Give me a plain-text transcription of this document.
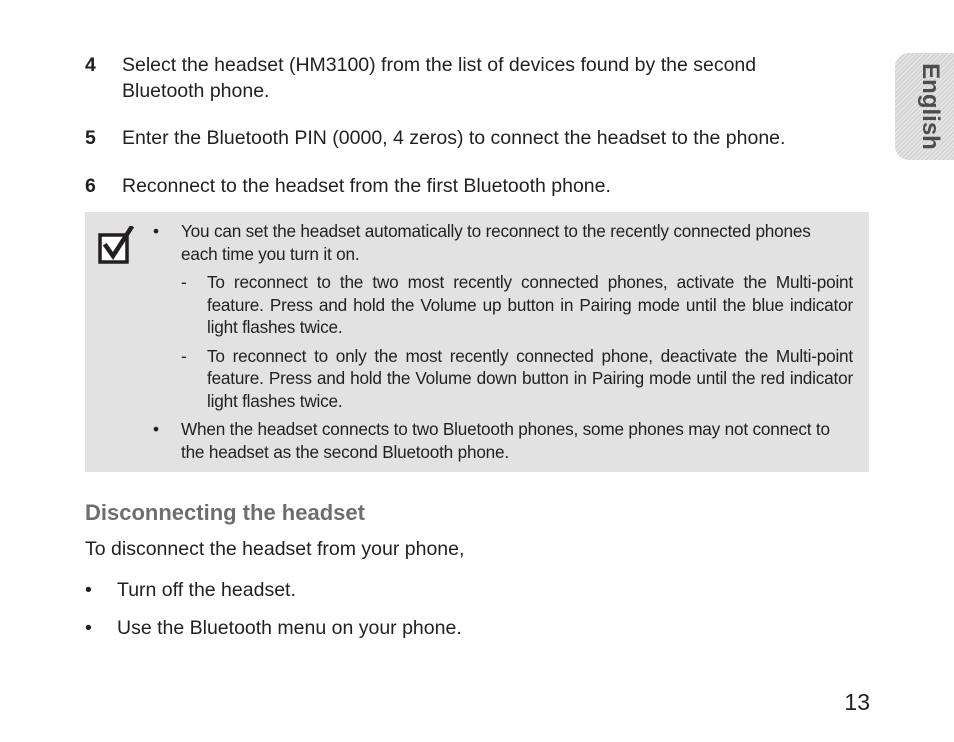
English
4 Select the headset (HM3100) from the list of devices found by the second Bluetooth phone.
5 Enter the Bluetooth PIN (0000, 4 zeros) to connect the headset to the phone.
6 Reconnect to the headset from the first Bluetooth phone.
• You can set the headset automatically to reconnect to the recently connected phones each time you turn it on.
- To reconnect to the two most recently connected phones, activate the Multi-point feature. Press and hold the Volume up button in Pairing mode until the blue indicator light flashes twice.
- To reconnect to only the most recently connected phone, deactivate the Multi-point feature. Press and hold the Volume down button in Pairing mode until the red indicator light flashes twice.
• When the headset connects to two Bluetooth phones, some phones may not connect to the headset as the second Bluetooth phone.
Disconnecting the headset
To disconnect the headset from your phone,
• Turn off the headset.
• Use the Bluetooth menu on your phone.
13
